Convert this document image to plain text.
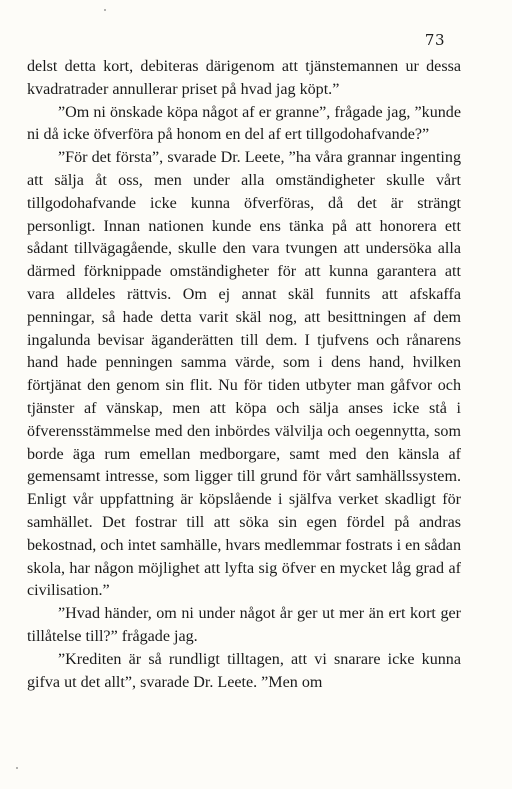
73

delst detta kort, debiteras därigenom att tjänstemannen ur dessa kvadratrader annullerar priset på hvad jag köpt.”

”Om ni önskade köpa något af er granne”, frågade jag, ”kunde ni då icke öfverföra på honom en del af ert tillgodohafvande?”

”För det första”, svarade Dr. Leete, ”ha våra grannar ingenting att sälja åt oss, men under alla omständigheter skulle vårt tillgodohafvande icke kunna öfverföras, då det är strängt personligt. Innan nationen kunde ens tänka på att honorera ett sådant tillvägagående, skulle den vara tvungen att undersöka alla därmed förknippade omständigheter för att kunna garantera att vara alldeles rättvis. Om ej annat skäl funnits att afskaffa penningar, så hade detta varit skäl nog, att besittningen af dem ingalunda bevisar äganderätten till dem. I tjufvens och rånarens hand hade penningen samma värde, som i dens hand, hvilken förtjänat den genom sin flit. Nu för tiden utbyter man gåfvor och tjänster af vänskap, men att köpa och sälja anses icke stå i öfverensstämmelse med den inbördes välvilja och oegennytta, som borde äga rum emellan medborgare, samt med den känsla af gemensamt intresse, som ligger till grund för vårt samhällssystem. Enligt vår uppfattning är köpslående i själfva verket skadligt för samhället. Det fostrar till att söka sin egen fördel på andras bekostnad, och intet samhälle, hvars medlemmar fostrats i en sådan skola, har någon möjlighet att lyfta sig öfver en mycket låg grad af civilisation.”

”Hvad händer, om ni under något år ger ut mer än ert kort ger tillåtelse till?” frågade jag.

”Krediten är så rundligt tilltagen, att vi snarare icke kunna gifva ut det allt”, svarade Dr. Leete. ”Men om
